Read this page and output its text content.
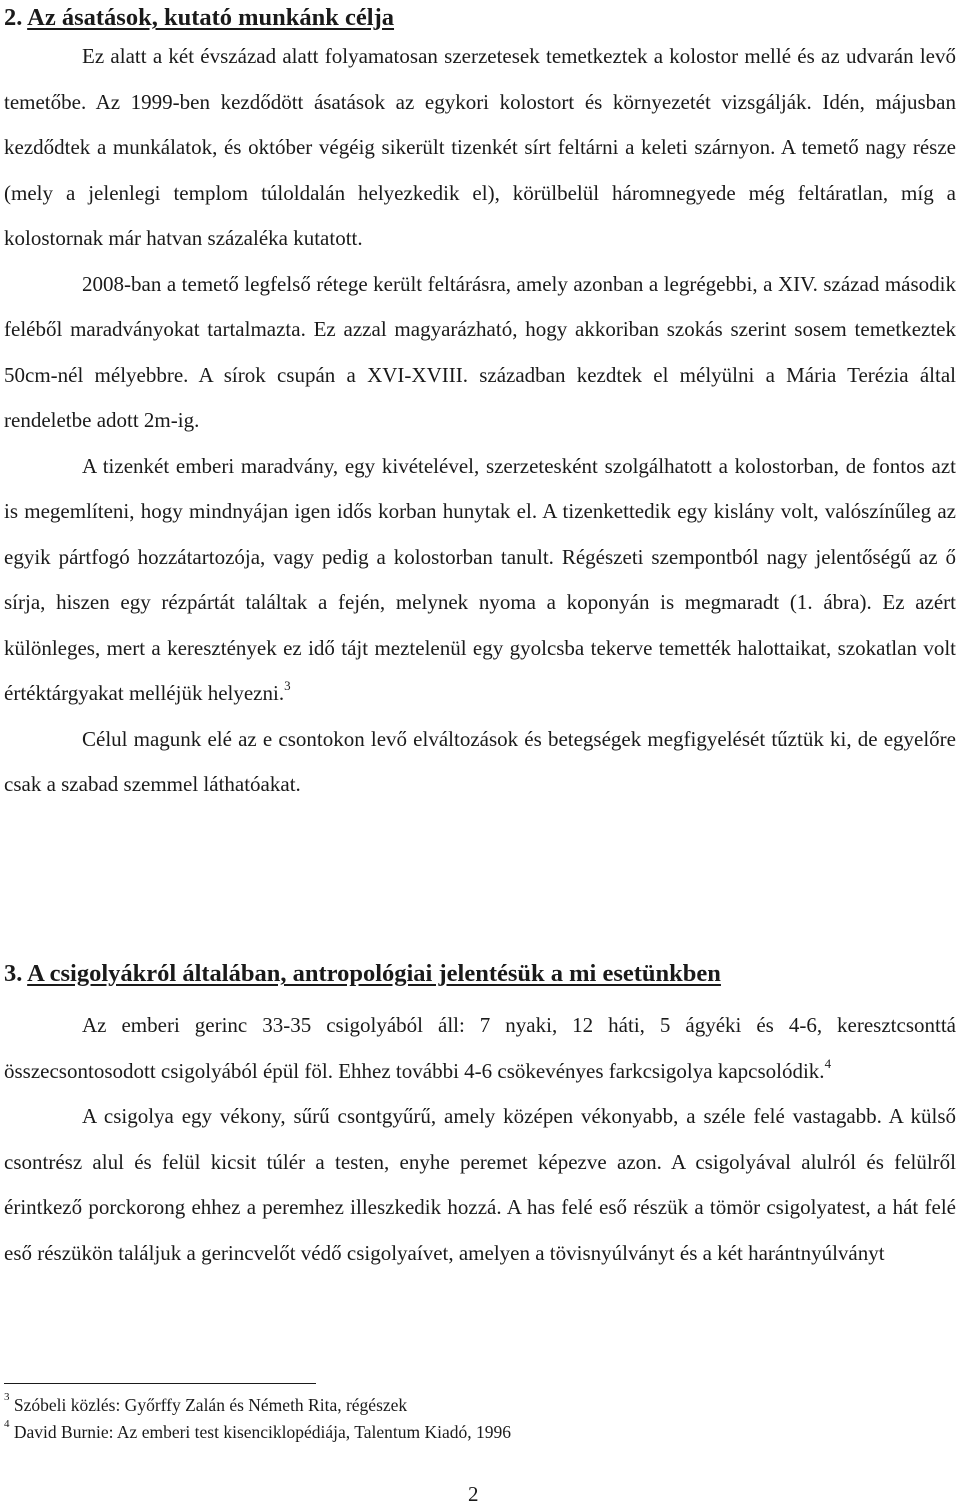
2. Az ásatások, kutató munkánk célja

Ez alatt a két évszázad alatt folyamatosan szerzetesek temetkeztek a kolostor mellé és az udvarán levő temetőbe. Az 1999-ben kezdődött ásatások az egykori kolostort és környezetét vizsgálják. Idén, májusban kezdődtek a munkálatok, és október végéig sikerült tizenkét sírt feltárni a keleti szárnyon. A temető nagy része (mely a jelenlegi templom túloldalán helyezkedik el), körülbelül háromnegyede még feltáratlan, míg a kolostornak már hatvan százaléka kutatott.

2008-ban a temető legfelső rétege került feltárásra, amely azonban a legrégebbi, a XIV. század második feléből maradványokat tartalmazta. Ez azzal magyarázható, hogy akkoriban szokás szerint sosem temetkeztek 50cm-nél mélyebbre. A sírok csupán a XVI-XVIII. században kezdtek el mélyülni a Mária Terézia által rendeletbe adott 2m-ig.

A tizenkét emberi maradvány, egy kivételével, szerzetesként szolgálhatott a kolostorban, de fontos azt is megemlíteni, hogy mindnyájan igen idős korban hunytak el. A tizenkettedik egy kislány volt, valószínűleg az egyik pártfogó hozzátartozója, vagy pedig a kolostorban tanult. Régészeti szempontból nagy jelentőségű az ő sírja, hiszen egy rézpártát találtak a fején, melynek nyoma a koponyán is megmaradt (1. ábra). Ez azért különleges, mert a keresztények ez idő tájt meztelenül egy gyolcsba tekerve temették halottaikat, szokatlan volt értéktárgyakat melléjük helyezni.$^3$

Célul magunk elé az e csontokon levő elváltozások és betegségek megfigyelését tűztük ki, de egyelőre csak a szabad szemmel láthatóakat.

3. A csigolyákról általában, antropológiai jelentésük a mi esetünkben

Az emberi gerinc 33-35 csigolyából áll: 7 nyaki, 12 háti, 5 ágyéki és 4-6, keresztcsonttá összecsontosodott csigolyából épül föl. Ehhez további 4-6 csökevényes farkcsigolya kapcsolódik.$^4$

A csigolya egy vékony, sűrű csontgyűrű, amely középen vékonyabb, a széle felé vastagabb. A külső csontrész alul és felül kicsit túlér a testen, enyhe peremet képezve azon. A csigolyával alulról és felülről érintkező porckorong ehhez a peremhez illeszkedik hozzá. A has felé eső részük a tömör csigolyatest, a hát felé eső részükön találjuk a gerincvelőt védő csigolyaívet, amelyen a tövisnyúlványt és a két harántnyúlványt

$^3$ Szóbeli közlés: Győrffy Zalán és Németh Rita, régészek
$^4$ David Burnie: Az emberi test kisenciklopédiája, Talentum Kiadó, 1996
2
